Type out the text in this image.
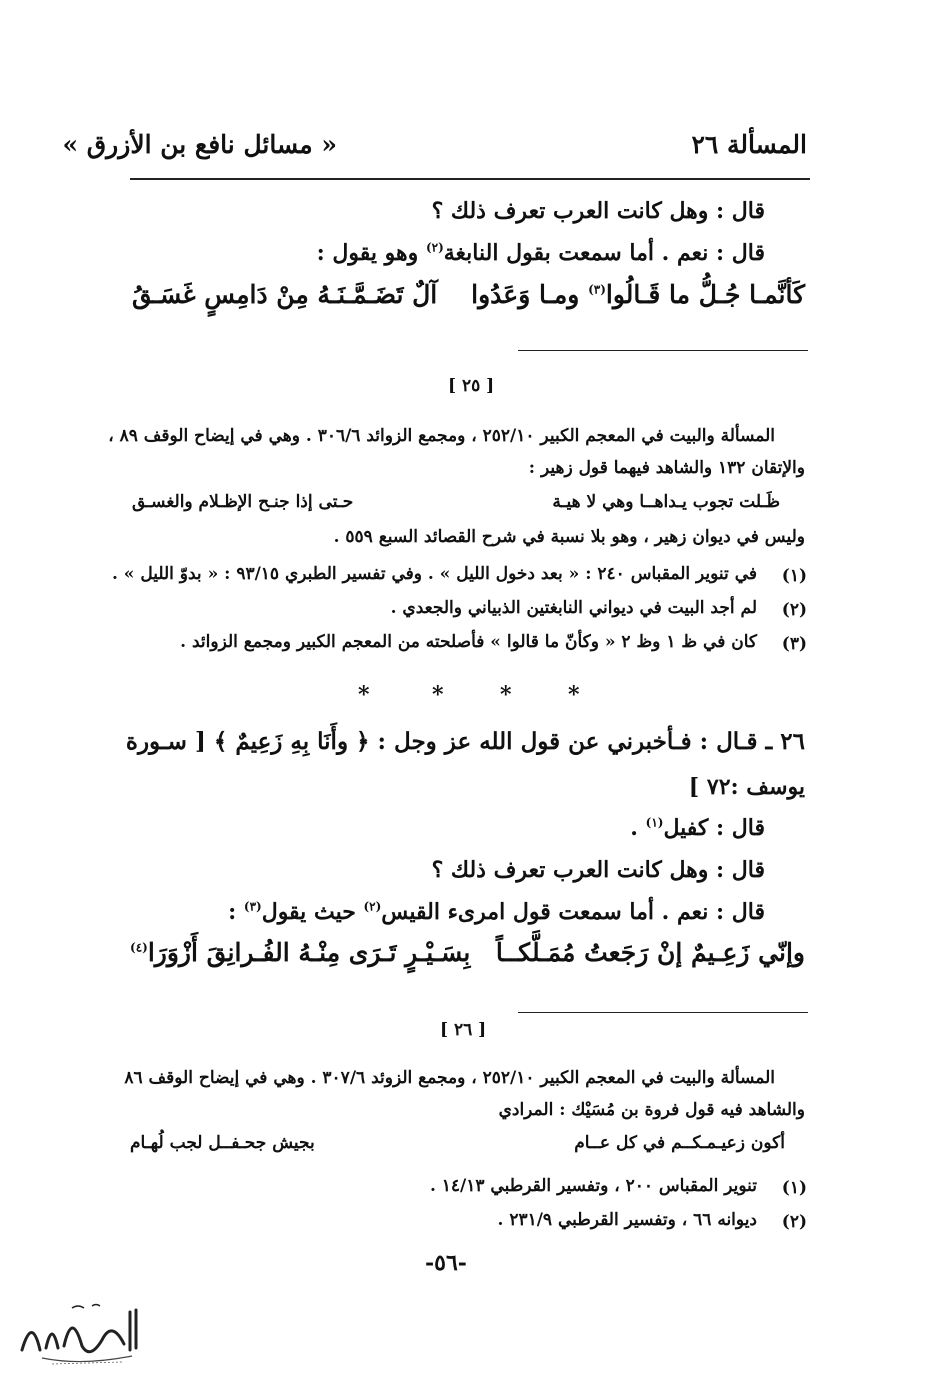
المسألة ٢٦
« مسائل نافع بن الأزرق »
قال : وهل كانت العرب تعرف ذلك ؟
قال : نعم . أما سمعت بقول النابغة$^{(٢)}$ وهو يقول :
كَأنَّمـا جُـلُّ ما قَـالُوا$^{(٣)}$ ومـا وَعَدُوا
آلٌ تَضَـمَّـنَـهُ مِنْ دَامِسٍ غَسَـقُ
[ ٢٥ ]
المسألة والبيت في المعجم الكبير ٢٥٢/١٠ ، ومجمع الزوائد ٣٠٦/٦ . وهي في إيضاح الوقف ٨٩ ،
والإتقان ١٣٢ والشاهد فيهما قول زهير :
ظَـلت تجوب يـداهــا وهي لا هيـة
حـتى إذا جنـح الإظـلام والغسـق
وليس في ديوان زهير ، وهو بلا نسبة في شرح القصائد السبع ٥٥٩ .
(١)
في تنوير المقباس ٢٤٠ : « بعد دخول الليل » . وفي تفسير الطبري ٩٣/١٥ : « بدوّ الليل » .
(٢)
لم أجد البيت في ديواني النابغتين الذبياني والجعدي .
(٣)
كان في ظ ١ وظ ٢ « وكأنّ ما قالوا » فأصلحته من المعجم الكبير ومجمع الزوائد .
*	*	*	*
٢٦ ـ قـال : فـأخبرني عن قول الله عز وجل : ﴿ وأَنَا بِهِ زَعِيمٌ ﴾ [ سـورة
يوسف :٧٢ ]
قال : كفيل$^{(١)}$ .
قال : وهل كانت العرب تعرف ذلك ؟
قال : نعم . أما سمعت قول امرىء القيس$^{(٢)}$ حيث يقول$^{(٣)}$ :
وإنّي زَعِـيمٌ إنْ رَجَعتُ مُمَـلَّكــاً
بِسَـيْـرٍ تَـرَى مِنْـهُ الفُـرانِقَ أَزْوَرَا$^{(٤)}$
[ ٢٦ ]
المسألة والبيت في المعجم الكبير ٢٥٢/١٠ ، ومجمع الزوئد ٣٠٧/٦ . وهي في إيضاح الوقف ٨٦
والشاهد فيه قول فروة بن مُسَيْك : المرادي
أكون زعيـمـكــم في كل عــام
بجيش جحـفــل لجب لُهـام
(١)
تنوير المقباس ٢٠٠ ، وتفسير القرطبي ١٤/١٣ .
(٢)
ديوانه ٦٦ ، وتفسير القرطبي ٢٣١/٩ .
-٥٦-
